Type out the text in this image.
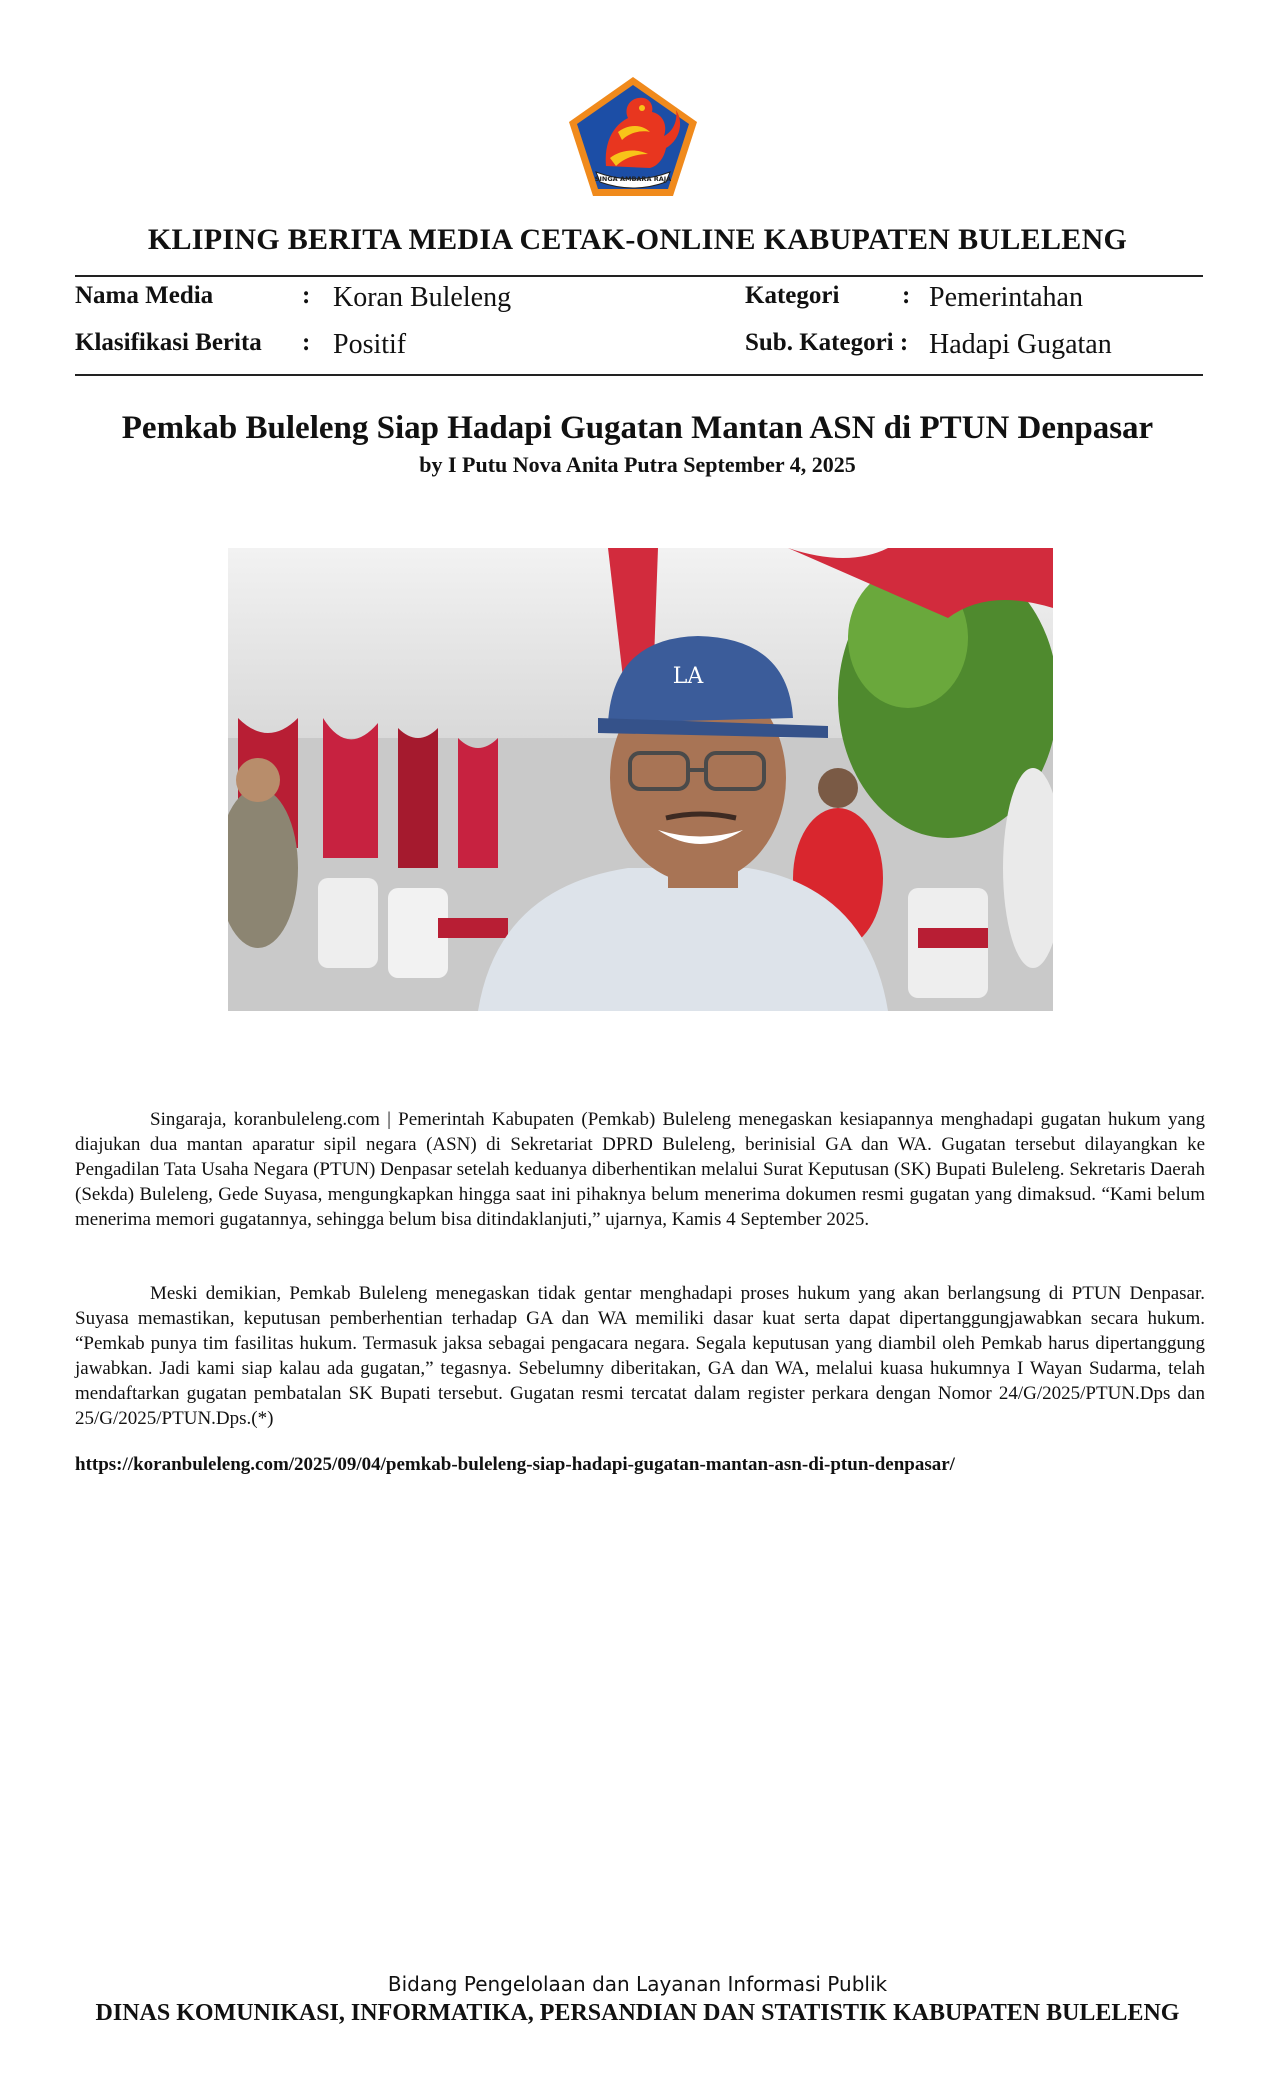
SINGA AMBARA RAJA
KLIPING BERITA MEDIA CETAK-ONLINE KABUPATEN BULELENG
Nama Media	: Koran Buleleng
Klasifikasi Berita : Positif
Kategori	: Pemerintahan
Sub. Kategori : Hadapi Gugatan
Pemkab Buleleng Siap Hadapi Gugatan Mantan ASN di PTUN Denpasar
by I Putu Nova Anita Putra September 4, 2025
LA

Singaraja, koranbuleleng.com | Pemerintah Kabupaten (Pemkab) Buleleng menegaskan kesiapannya menghadapi gugatan hukum yang diajukan dua mantan aparatur sipil negara (ASN) di Sekretariat DPRD Buleleng, berinisial GA dan WA. Gugatan tersebut dilayangkan ke Pengadilan Tata Usaha Negara (PTUN) Denpasar setelah keduanya diberhentikan melalui Surat Keputusan (SK) Bupati Buleleng. Sekretaris Daerah (Sekda) Buleleng, Gede Suyasa, mengungkapkan hingga saat ini pihaknya belum menerima dokumen resmi gugatan yang dimaksud. “Kami belum menerima memori gugatannya, sehingga belum bisa ditindaklanjuti,” ujarnya, Kamis 4 September 2025.

Meski demikian, Pemkab Buleleng menegaskan tidak gentar menghadapi proses hukum yang akan berlangsung di PTUN Denpasar. Suyasa memastikan, keputusan pemberhentian terhadap GA dan WA memiliki dasar kuat serta dapat dipertanggungjawabkan secara hukum. “Pemkab punya tim fasilitas hukum. Termasuk jaksa sebagai pengacara negara. Segala keputusan yang diambil oleh Pemkab harus dipertanggung jawabkan. Jadi kami siap kalau ada gugatan,” tegasnya. Sebelumny diberitakan, GA dan WA, melalui kuasa hukumnya I Wayan Sudarma, telah mendaftarkan gugatan pembatalan SK Bupati tersebut. Gugatan resmi tercatat dalam register perkara dengan Nomor 24/G/2025/PTUN.Dps dan 25/G/2025/PTUN.Dps.(*)

https://koranbuleleng.com/2025/09/04/pemkab-buleleng-siap-hadapi-gugatan-mantan-asn-di-ptun-denpasar/
Bidang Pengelolaan dan Layanan Informasi Publik
DINAS KOMUNIKASI, INFORMATIKA, PERSANDIAN DAN STATISTIK KABUPATEN BULELENG
